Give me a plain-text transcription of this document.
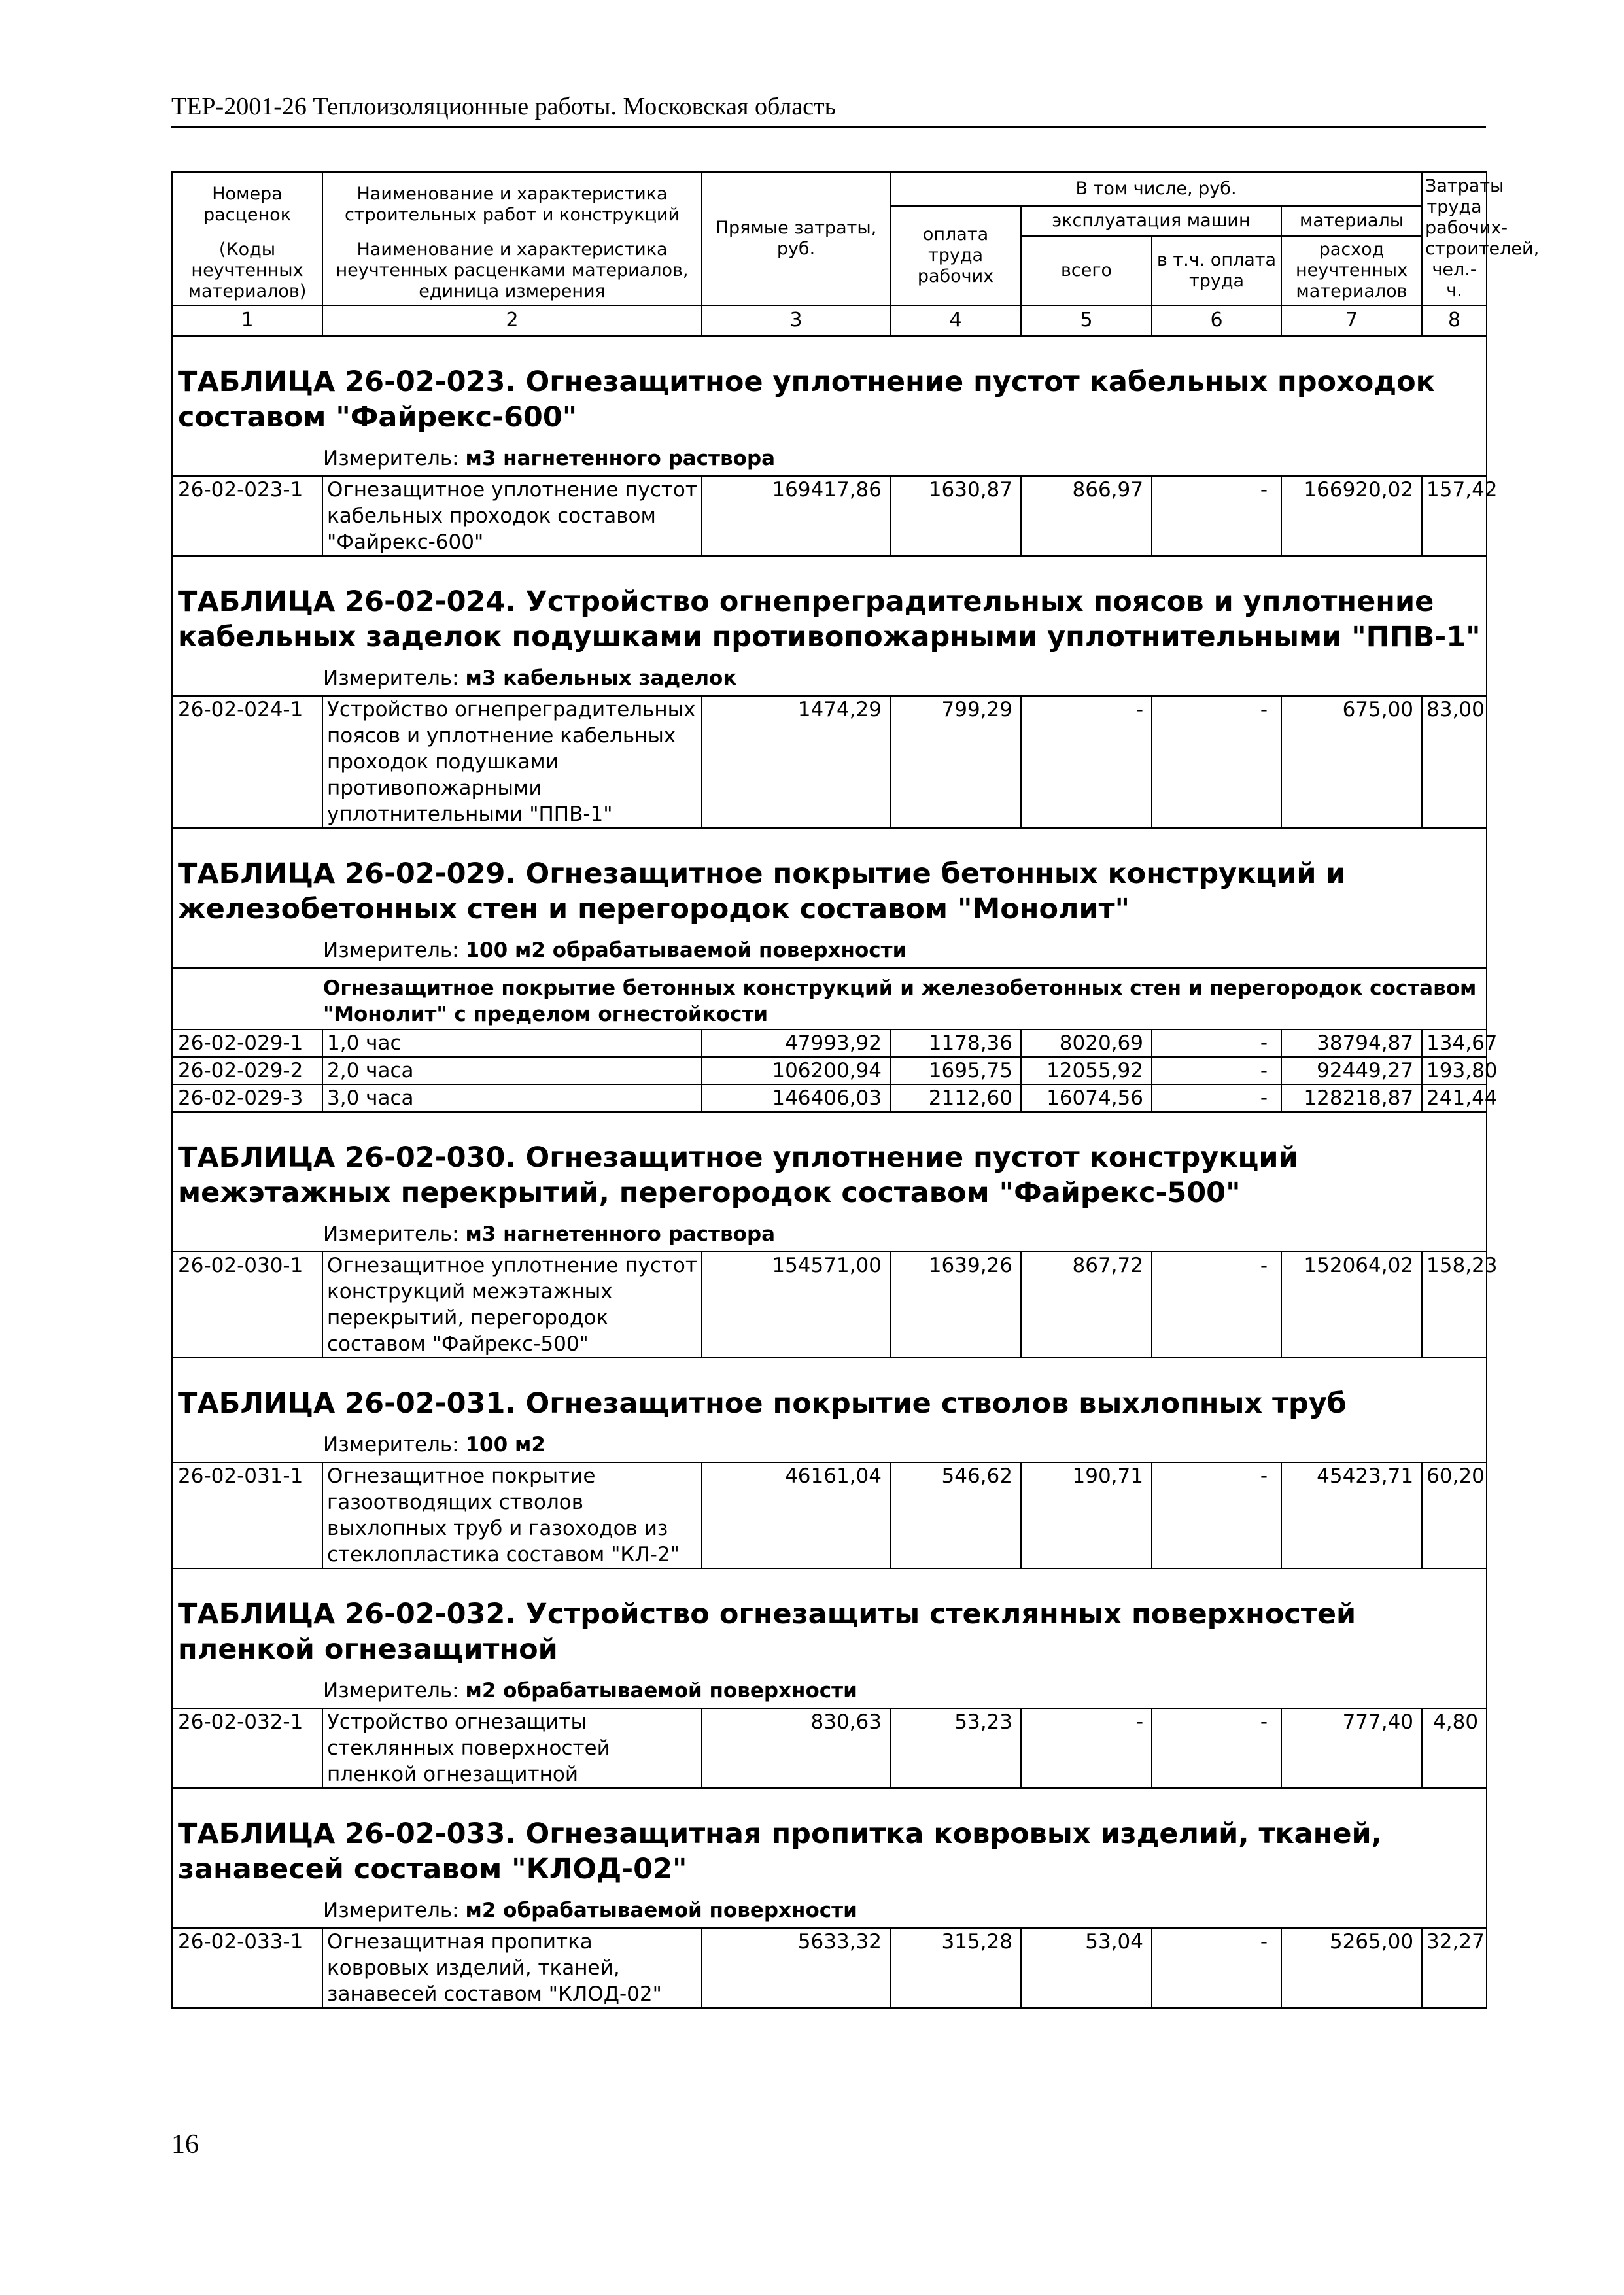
ТЕР-2001-26 Теплоизоляционные работы. Московская область
Номера расценок	Наименование и характеристика строительных работ и конструкций	Прямые затраты, руб.	В том числе, руб.				Затраты труда рабочих-строителей, чел.-ч.
			оплата труда рабочих	эксплуатация машин		материалы	
(Коды неучтенных материалов)	Наименование и характеристика неучтенных расценками материалов, единица измерения			всего	в т.ч. оплата труда	расход неучтенных материалов	

1	2	3	4	5	6	7	8
ТАБЛИЦА 26-02-023. Огнезащитное уплотнение пустот кабельных проходок составом "Файрекс-600"							
Измеритель: м3 нагнетенного раствора							
26-02-023-1	Огнезащитное уплотнение пустот кабельных проходок составом "Файрекс-600"	169417,86	1630,87	866,97	-	166920,02	157,42
ТАБЛИЦА 26-02-024. Устройство огнепреградительных поясов и уплотнение кабельных заделок подушками противопожарными уплотнительными "ППВ-1"							
Измеритель: м3 кабельных заделок							
26-02-024-1	Устройство огнепреградительных поясов и уплотнение кабельных проходок подушками противопожарными уплотнительными "ППВ-1"	1474,29	799,29	-	-	675,00	83,00
ТАБЛИЦА 26-02-029. Огнезащитное покрытие бетонных конструкций и железобетонных стен и перегородок составом "Монолит"							
Измеритель: 100 м2 обрабатываемой поверхности							
Огнезащитное покрытие бетонных конструкций и железобетонных стен и перегородок составом "Монолит" с пределом огнестойкости							
26-02-029-1	1,0 час	47993,92	1178,36	8020,69	-	38794,87	134,67
26-02-029-2	2,0 часа	106200,94	1695,75	12055,92	-	92449,27	193,80
26-02-029-3	3,0 часа	146406,03	2112,60	16074,56	-	128218,87	241,44
ТАБЛИЦА 26-02-030. Огнезащитное уплотнение пустот конструкций межэтажных перекрытий, перегородок составом "Файрекс-500"							
Измеритель: м3 нагнетенного раствора							
26-02-030-1	Огнезащитное уплотнение пустот конструкций межэтажных перекрытий, перегородок составом "Файрекс-500"	154571,00	1639,26	867,72	-	152064,02	158,23
ТАБЛИЦА 26-02-031. Огнезащитное покрытие стволов выхлопных труб							
Измеритель: 100 м2							
26-02-031-1	Огнезащитное покрытие газоотводящих стволов выхлопных труб и газоходов из стеклопластика составом "КЛ-2"	46161,04	546,62	190,71	-	45423,71	60,20
ТАБЛИЦА 26-02-032. Устройство огнезащиты стеклянных поверхностей пленкой огнезащитной							
Измеритель: м2 обрабатываемой поверхности							
26-02-032-1	Устройство огнезащиты стеклянных поверхностей пленкой огнезащитной	830,63	53,23	-	-	777,40	4,80
ТАБЛИЦА 26-02-033. Огнезащитная пропитка ковровых изделий, тканей, занавесей составом "КЛОД-02"							
Измеритель: м2 обрабатываемой поверхности							
26-02-033-1	Огнезащитная пропитка ковровых изделий, тканей, занавесей составом "КЛОД-02"	5633,32	315,28	53,04	-	5265,00	32,27
16
